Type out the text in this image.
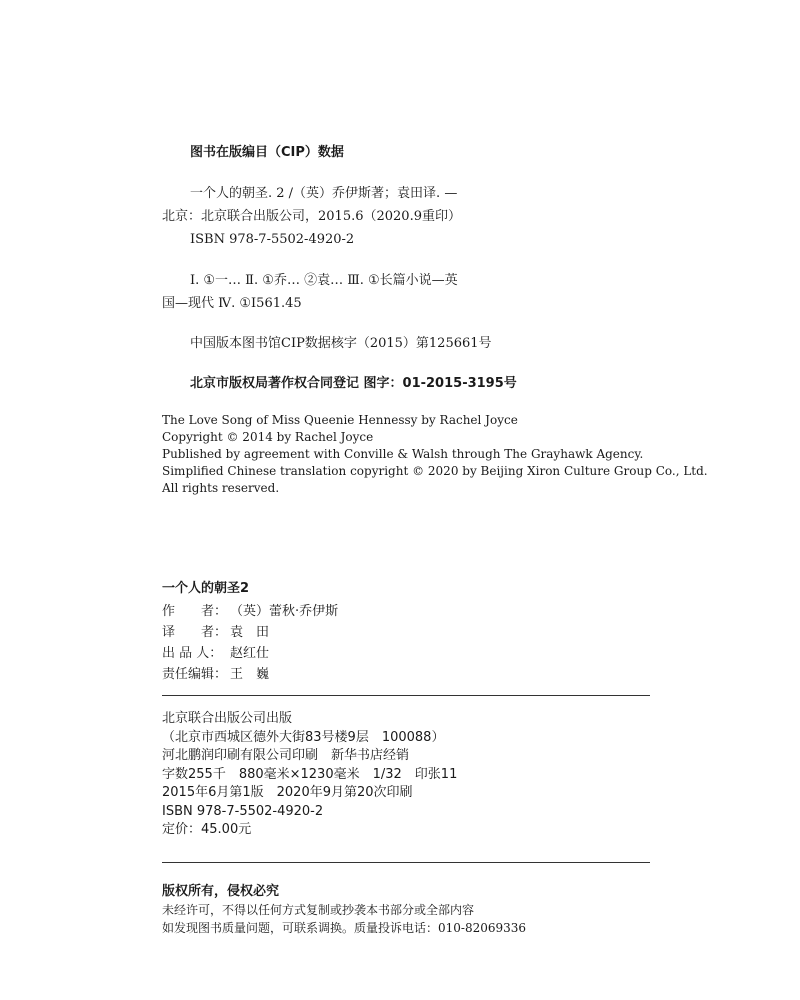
图书在版编目（CIP）数据
一个人的朝圣. 2 /（英）乔伊斯著；袁田译. —
北京：北京联合出版公司，2015.6（2020.9重印）
ISBN 978-7-5502-4920-2
Ⅰ. ①一… Ⅱ. ①乔… ②袁… Ⅲ. ①长篇小说—英
国—现代 Ⅳ. ①I561.45
中国版本图书馆CIP数据核字（2015）第125661号
北京市版权局著作权合同登记 图字：01-2015-3195号
The Love Song of Miss Queenie Hennessy by Rachel Joyce
Copyright © 2014 by Rachel Joyce
Published by agreement with Conville & Walsh through The Grayhawk Agency.
Simplified Chinese translation copyright © 2020 by Beijing Xiron Culture Group Co., Ltd.
All rights reserved.
一个人的朝圣2
作　　者： （英）蕾秋·乔伊斯
译　　者： 袁　田
出 品 人： 赵红仕
责任编辑： 王　巍
北京联合出版公司出版
（北京市西城区德外大街83号楼9层　100088）
河北鹏润印刷有限公司印刷　新华书店经销
字数255千　880毫米×1230毫米　1/32　印张11
2015年6月第1版　2020年9月第20次印刷
ISBN 978-7-5502-4920-2
定价：45.00元
版权所有，侵权必究
未经许可，不得以任何方式复制或抄袭本书部分或全部内容
如发现图书质量问题，可联系调换。质量投诉电话：010-82069336
